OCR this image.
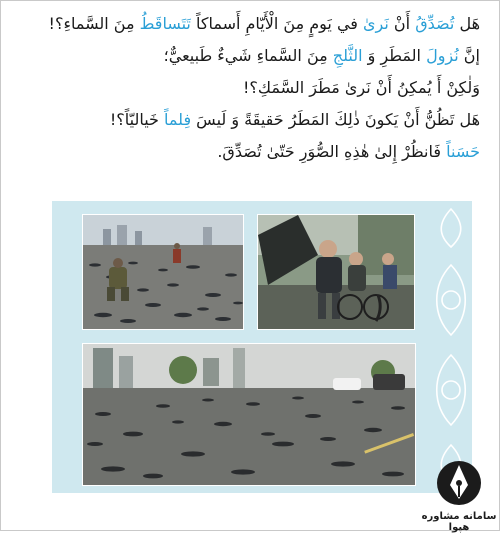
هَل تُصَدِّقُ أَنْ نَرىٰ في يَومٍ مِنَ الْأَيّامِ أَسماكاً تَتَساقَطُ مِنَ السَّماءِ؟!
إنَّ نُزولَ المَطَرِ وَ الثَّلجِ مِنَ السَّماءِ شَيءٌ طَبيعيٌّ؛
وَلٰكِنْ أَ يُمكِنُ أَنْ نَرىٰ مَطَرَ السَّمَكِ؟!
هَل تَظُنُّ أَنْ يَكونَ ذٰلِكَ المَطَرُ حَقيقَةً وَ لَيسَ فِلماً خَياليّاً؟!
حَسَناً فَانظُرْ إِلىٰ هٰذِهِ الصُّوَرِ حَتّىٰ تُصَدِّقَ.
سامانه مشاوره هپوا
